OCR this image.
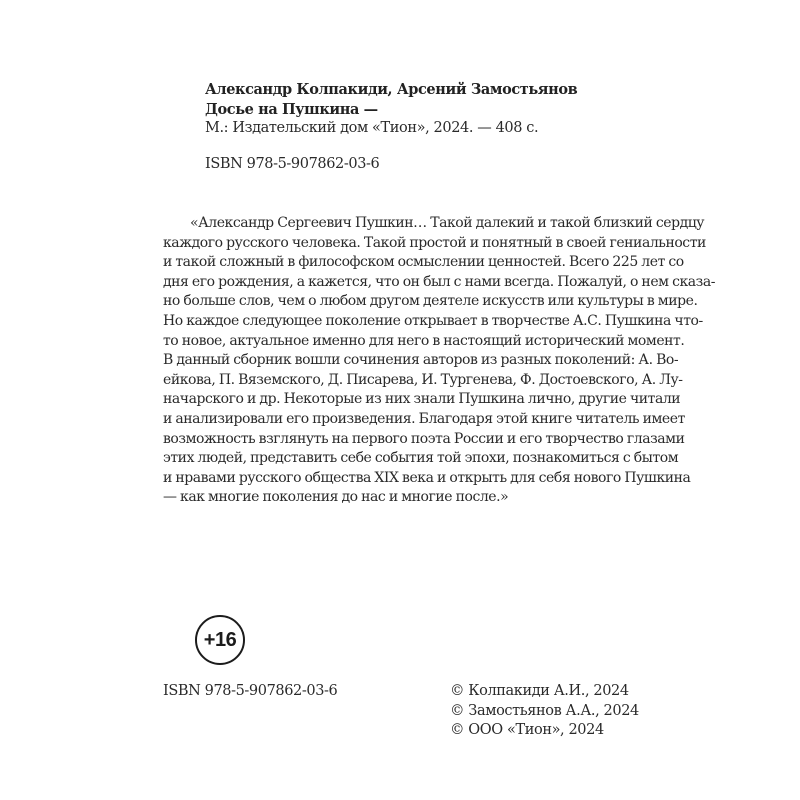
Александр Колпакиди, Арсений Замостьянов
Досье на Пушкина —
М.: Издательский дом «Тион», 2024. — 408 с.
ISBN 978-5-907862-03-6
«Александр Сергеевич Пушкин… Такой далекий и такой близкий сердцу
каждого русского человека. Такой простой и понятный в своей гениальности
и такой сложный в философском осмыслении ценностей. Всего 225 лет со
дня его рождения, а кажется, что он был с нами всегда. Пожалуй, о нем сказа-
но больше слов, чем о любом другом деятеле искусств или культуры в мире.
Но каждое следующее поколение открывает в творчестве А.С. Пушкина что-
то новое, актуальное именно для него в настоящий исторический момент.
В данный сборник вошли сочинения авторов из разных поколений: А. Во-
ейкова, П. Вяземского, Д. Писарева, И. Тургенева, Ф. Достоевского, А. Лу-
начарского и др. Некоторые из них знали Пушкина лично, другие читали
и анализировали его произведения. Благодаря этой книге читатель имеет
возможность взглянуть на первого поэта России и его творчество глазами
этих людей, представить себе события той эпохи, познакомиться с бытом
и нравами русского общества XIX века и открыть для себя нового Пушкина
— как многие поколения до нас и многие после.»
+16
ISBN 978-5-907862-03-6	© Колпакиди А.И., 2024
© Замостьянов А.А., 2024
© ООО «Тион», 2024
